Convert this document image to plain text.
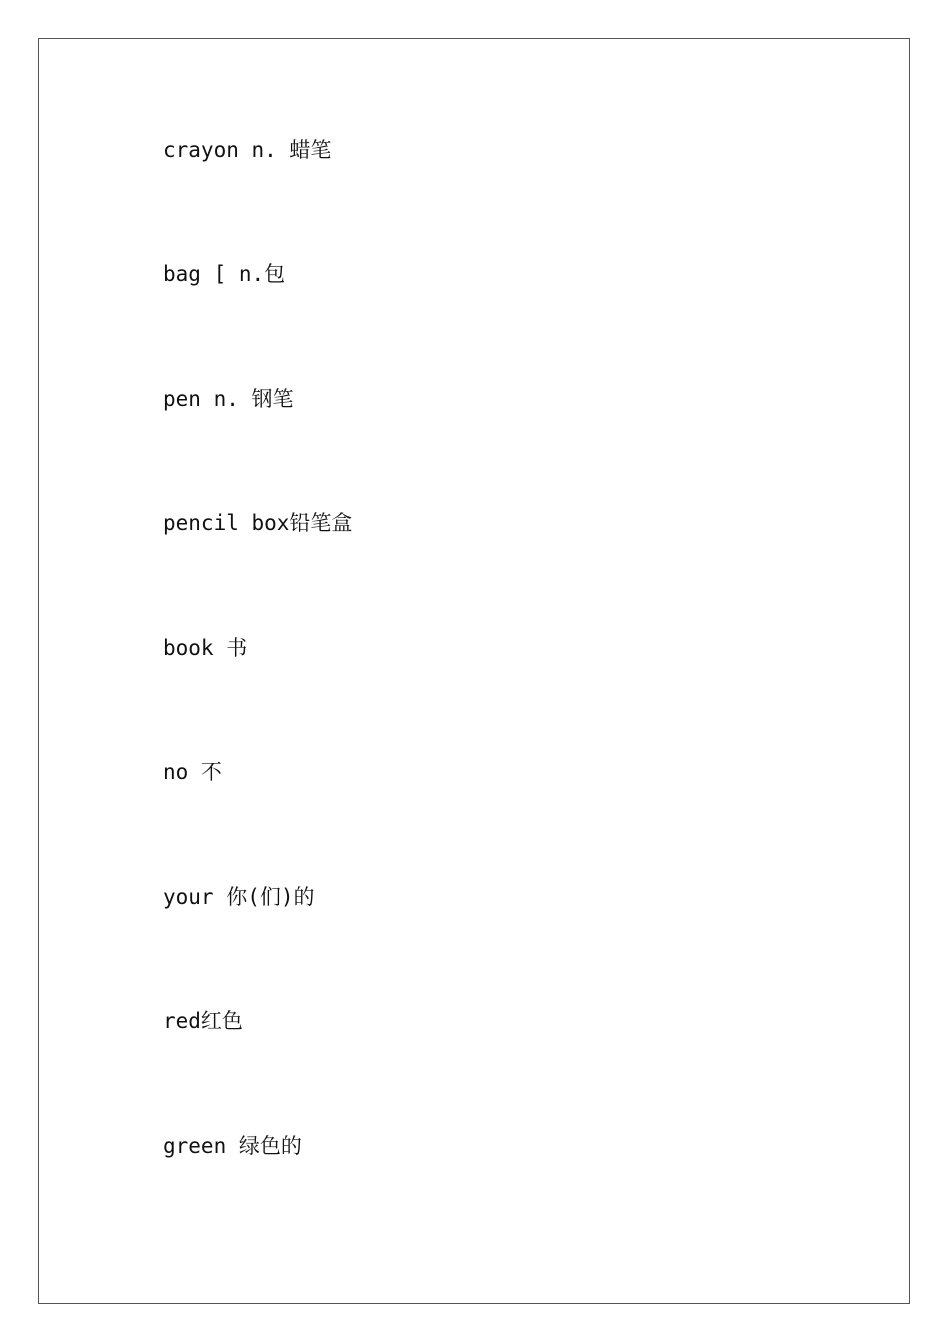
crayon n. 蜡笔
bag [ n.包
pen n. 钢笔
pencil box铅笔盒
book 书
no 不
your 你(们)的
red红色
green 绿色的
